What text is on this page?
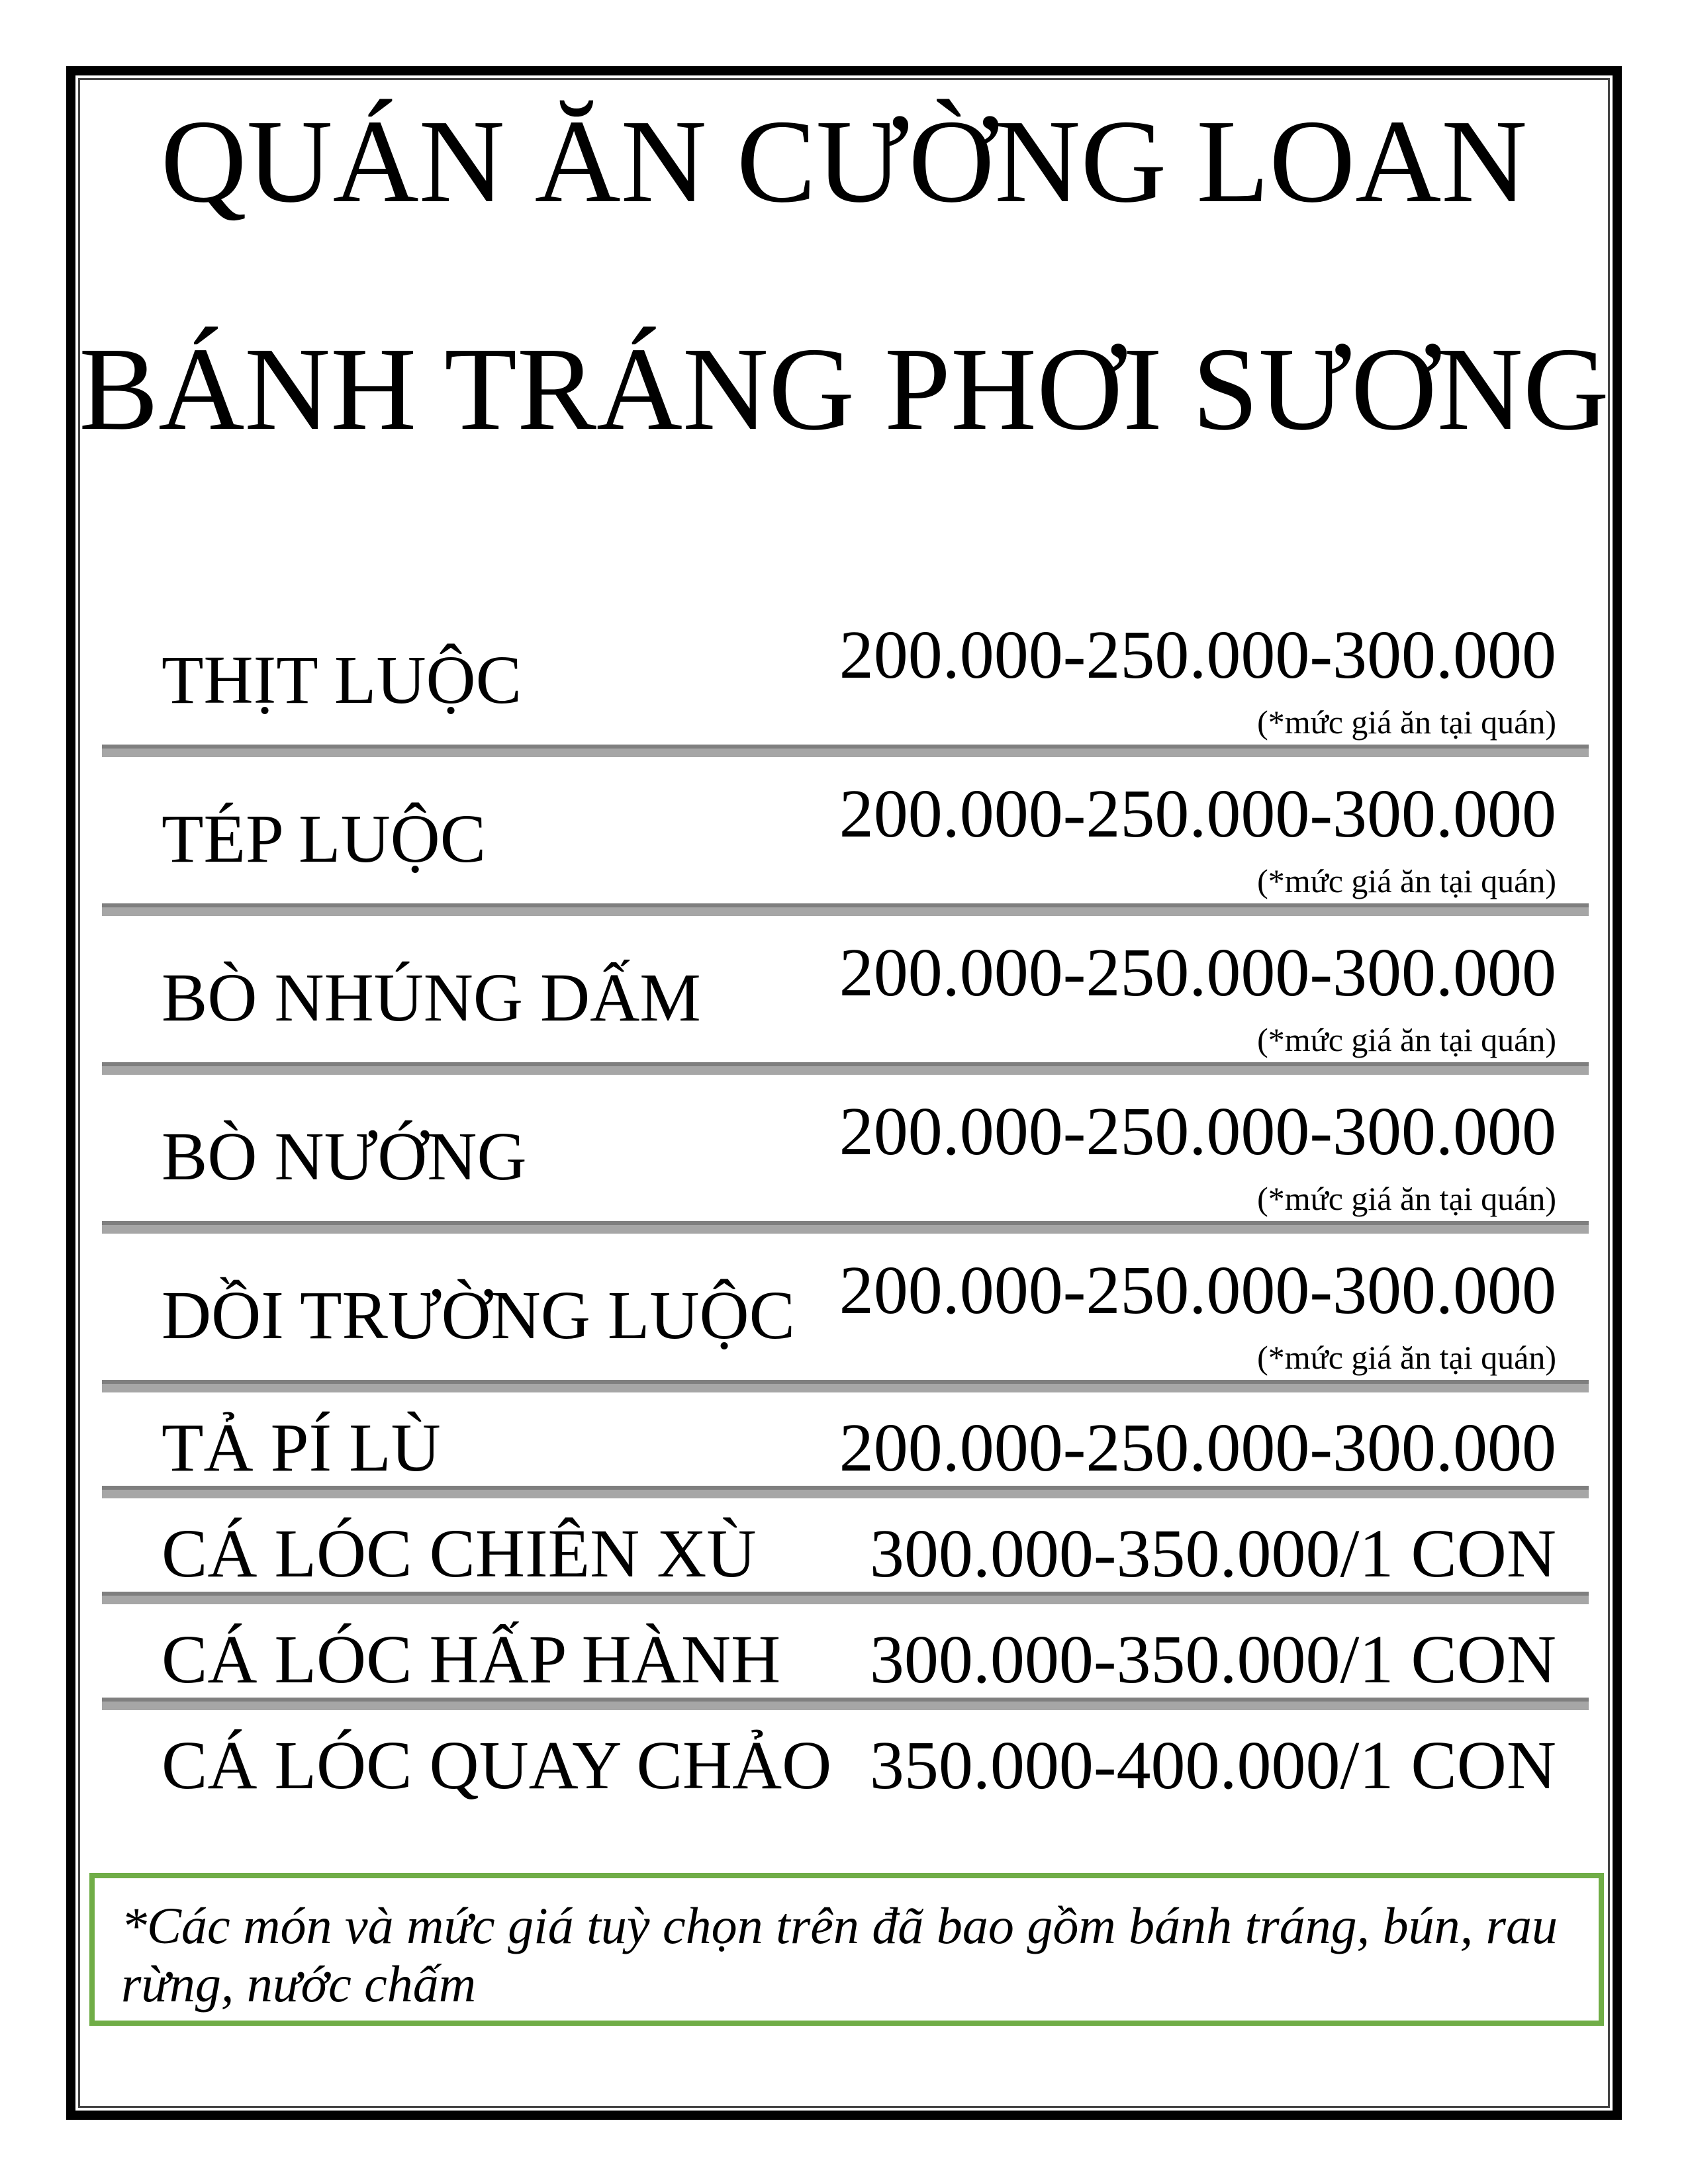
QUÁN ĂN CƯỜNG LOAN
BÁNH TRÁNG PHƠI SƯƠNG
THỊT LUỘC	200.000-250.000-300.000
(*mức giá ăn tại quán)
TÉP LUỘC	200.000-250.000-300.000
(*mức giá ăn tại quán)
BÒ NHÚNG DẤM 200.000-250.000-300.000
(*mức giá ăn tại quán)
BÒ NƯỚNG	200.000-250.000-300.000
(*mức giá ăn tại quán)
DỒI TRƯỜNG LUỘC 200.000-250.000-300.000
(*mức giá ăn tại quán)
TẢ PÍ LÙ	200.000-250.000-300.000
CÁ LÓC CHIÊN XÙ 300.000-350.000/1 CON
CÁ LÓC HẤP HÀNH 300.000-350.000/1 CON
CÁ LÓC QUAY CHẢO 350.000-400.000/1 CON
*Các món và mức giá tuỳ chọn trên đã bao gồm bánh tráng, bún, rau rừng, nước chấm
